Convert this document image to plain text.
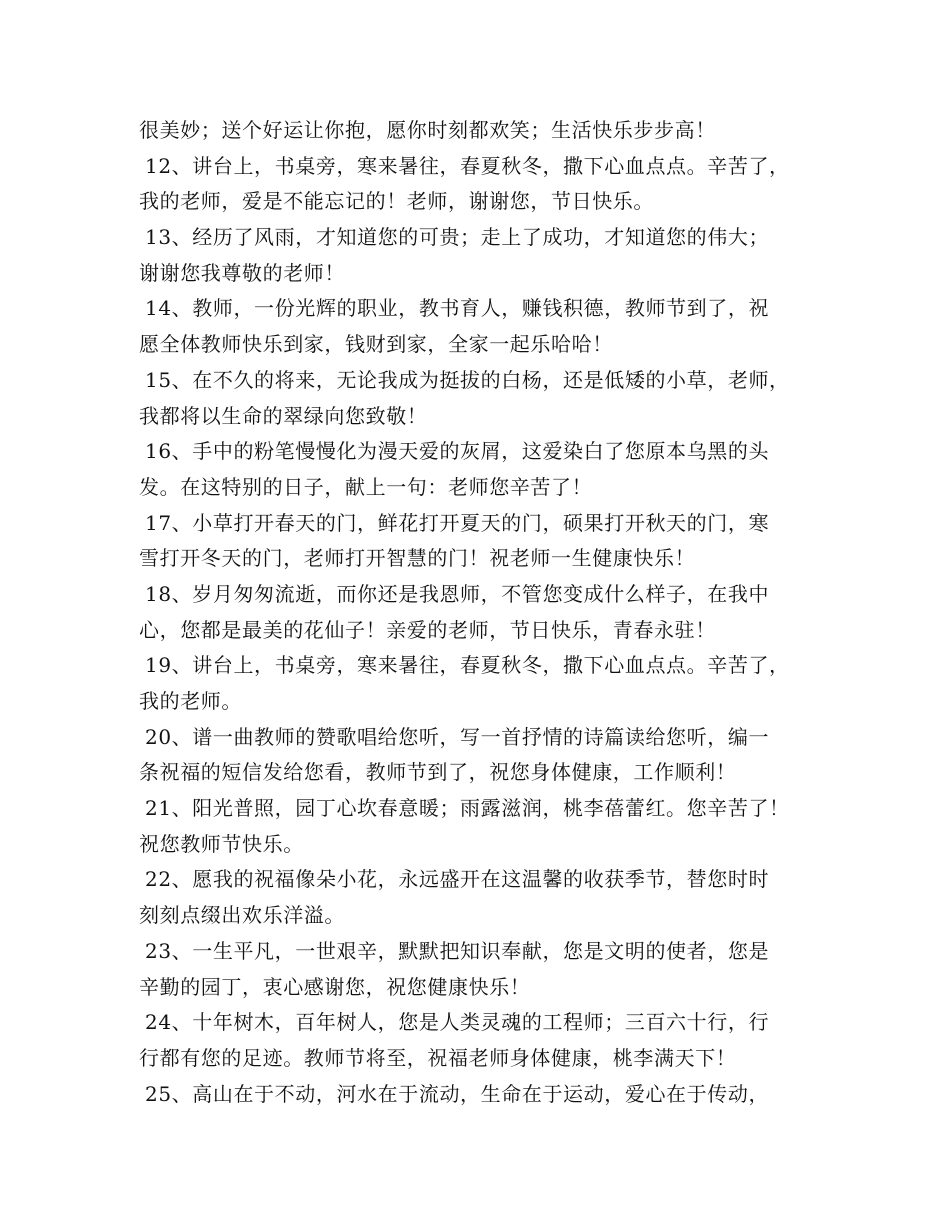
很美妙；送个好运让你抱，愿你时刻都欢笑；生活快乐步步高！
12、讲台上，书桌旁，寒来暑往，春夏秋冬，撒下心血点点。辛苦了，
我的老师，爱是不能忘记的！老师，谢谢您，节日快乐。
13、经历了风雨，才知道您的可贵；走上了成功，才知道您的伟大；
谢谢您我尊敬的老师！
14、教师，一份光辉的职业，教书育人，赚钱积德，教师节到了，祝
愿全体教师快乐到家，钱财到家，全家一起乐哈哈！
15、在不久的将来，无论我成为挺拔的白杨，还是低矮的小草，老师，
我都将以生命的翠绿向您致敬！
16、手中的粉笔慢慢化为漫天爱的灰屑，这爱染白了您原本乌黑的头
发。在这特别的日子，献上一句：老师您辛苦了！
17、小草打开春天的门，鲜花打开夏天的门，硕果打开秋天的门，寒
雪打开冬天的门，老师打开智慧的门！祝老师一生健康快乐！
18、岁月匆匆流逝，而你还是我恩师，不管您变成什么样子，在我中
心，您都是最美的花仙子！亲爱的老师，节日快乐，青春永驻！
19、讲台上，书桌旁，寒来暑往，春夏秋冬，撒下心血点点。辛苦了，
我的老师。
20、谱一曲教师的赞歌唱给您听，写一首抒情的诗篇读给您听，编一
条祝福的短信发给您看，教师节到了，祝您身体健康，工作顺利！
21、阳光普照，园丁心坎春意暖；雨露滋润，桃李蓓蕾红。您辛苦了！
祝您教师节快乐。
22、愿我的祝福像朵小花，永远盛开在这温馨的收获季节，替您时时
刻刻点缀出欢乐洋溢。
23、一生平凡，一世艰辛，默默把知识奉献，您是文明的使者，您是
辛勤的园丁，衷心感谢您，祝您健康快乐！
24、十年树木，百年树人，您是人类灵魂的工程师；三百六十行，行
行都有您的足迹。教师节将至，祝福老师身体健康，桃李满天下！
25、高山在于不动，河水在于流动，生命在于运动，爱心在于传动，
